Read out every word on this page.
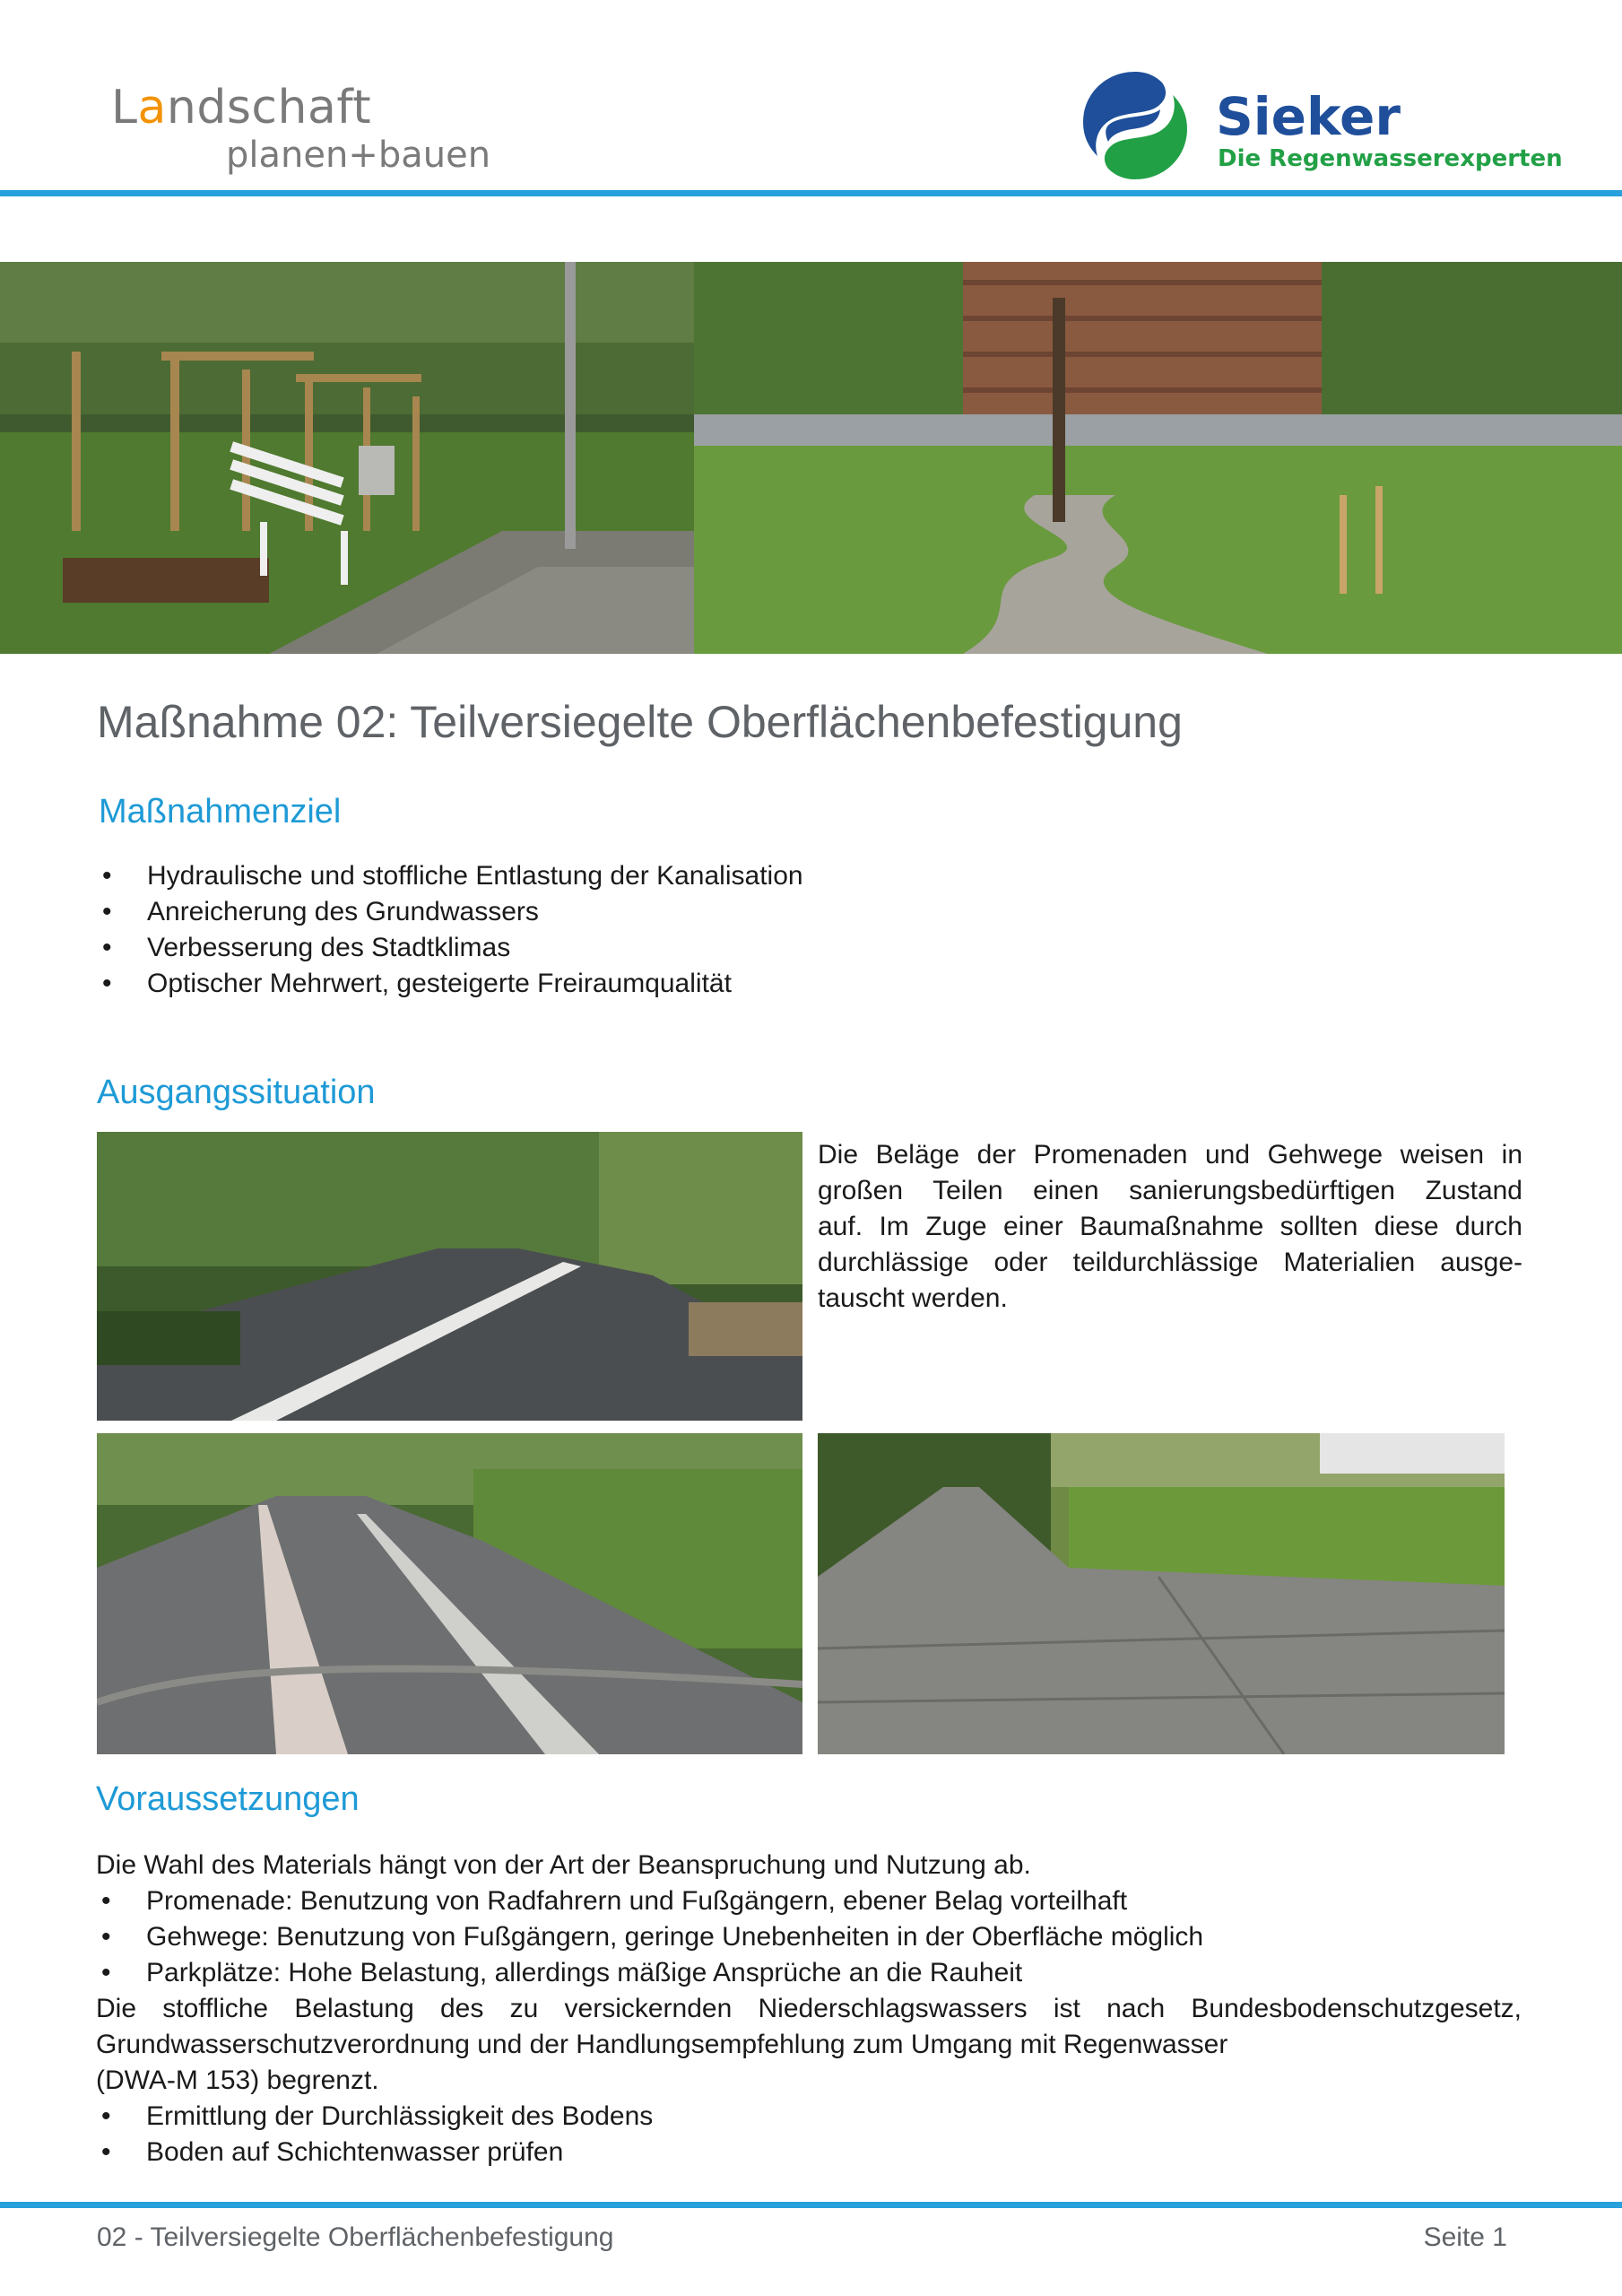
Landschaft
planen+bauen
Sieker
Die Regenwasserexperten
Maßnahme 02: Teilversiegelte Oberflächenbefestigung
Maßnahmenziel
• Hydraulische und stoffliche Entlastung der Kanalisation
• Anreicherung des Grundwassers
• Verbesserung des Stadtklimas
• Optischer Mehrwert, gesteigerte Freiraumqualität
Ausgangssituation
Die Beläge der Promenaden und Gehwege weisen in
großen Teilen einen sanierungsbedürftigen Zustand
auf. Im Zuge einer Baumaßnahme sollten diese durch
durchlässige oder teildurchlässige Materialien ausge-
tauscht werden.
Voraussetzungen
Die Wahl des Materials hängt von der Art der Beanspruchung und Nutzung ab.
• Promenade: Benutzung von Radfahrern und Fußgängern, ebener Belag vorteilhaft
• Gehwege: Benutzung von Fußgängern, geringe Unebenheiten in der Oberfläche möglich
• Parkplätze: Hohe Belastung, allerdings mäßige Ansprüche an die Rauheit
Die stoffliche Belastung des zu versickernden Niederschlagswassers ist nach Bundesbodenschutzgesetz,
Grundwasserschutzverordnung und der Handlungsempfehlung zum Umgang mit Regenwasser
(DWA-M 153) begrenzt.
• Ermittlung der Durchlässigkeit des Bodens
• Boden auf Schichtenwasser prüfen
02 - Teilversiegelte Oberflächenbefestigung	Seite 1
